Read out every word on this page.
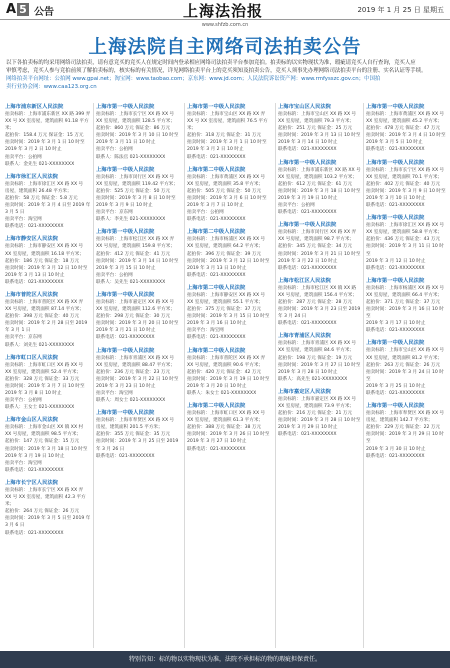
A 5 公告	上海法治报	2019 年 1 月 25 日 星期五
www.shfzb.com.cn
上海法院自主网络司法拍卖公告
以下各拍卖标的均采用网络司法拍卖，请有意竞买的竞买人在规定时间内登录相应网络司法拍卖平台参加竞拍。拍卖标的以实物现状为准，瑕疵请竞买人自行查询，竞买人应
审慎考虑，竞买人参与竞拍前须了解拍卖标的，核实标的有关情况，详见网络拍卖平台上的竞买须知及拍卖公告，竞买人须事先办理网络司法拍卖平台的注册、实名认证等手续。
网络拍卖平台网址：公拍网 www.gpai.net；淘宝网：www.taobao.com；京东网：www.jd.com；人民法院诉讼资产网：www.rmfysszc.gov.cn；中国拍
卖行业协会网：www.caa123.org.cn
上海市浦东新区人民法院
拍卖标的：上海市浦东新区 XX 路 399 弄
XX 号 XX 室房屋，建筑面积 91.18 平方米；
起拍价：158.4 万元 保证金：15 万元
拍卖时间：2019 年 3 月 1 日 10 时至
2019 年 3 月 2 日 10 时止
拍卖平台：公拍网
联系人：金先生 021-XXXXXXXX
上海市徐汇区人民法院
拍卖标的：上海市徐汇区 XX 路 XX 号
房屋，建筑面积 26.48 平方米；
起拍价：58 万元 保证金：5.8 万元
拍卖时间：2019 年 3 月 4 日至 2019 年
3 月 5 日
拍卖平台：淘宝网
联系电话：021-XXXXXXXX
上海市静安区人民法院
拍卖标的：上海市静安区 XX 路 XX 号
XX 室房屋，建筑面积 16.18 平方米；
起拍价：186 万元 保证金：18 万元
拍卖时间：2019 年 3 月 12 日 10 时至
2019 年 3 月 13 日 10 时止
联系电话：021-XXXXXXXX
上海市普陀区人民法院
拍卖标的：上海市普陀区 XX 路 XX 弄
XX 号房屋，建筑面积 87.14 平方米；
起拍价：398 万元 保证金：40 万元
拍卖时间：2019 年 2 月 28 日至 2019
年 3 月 1 日
拍卖平台：京东网
联系人：刘先生 021-XXXXXXXX
上海市虹口区人民法院
拍卖标的：上海市虹口区 XX 路 XX 号
XX 室房屋，建筑面积 52.4 平方米；
起拍价：328 万元 保证金：33 万元
拍卖时间：2019 年 3 月 7 日 10 时至
2019 年 3 月 8 日 10 时止
拍卖平台：公拍网
联系人：王女士 021-XXXXXXXX
上海市金山区人民法院
拍卖标的：上海市金山区 XX 镇 XX 村
XX 号房屋，建筑面积 98.5 平方米；
起拍价：147 万元 保证金：15 万元
拍卖时间：2019 年 3 月 18 日 10 时至
2019 年 3 月 19 日 10 时止
拍卖平台：淘宝网
联系电话：021-XXXXXXXX
上海市长宁区人民法院
拍卖标的：上海市长宁区 XX 路 XX 弄
XX 号 XX 室房屋，建筑面积 42.3 平方米；
起拍价：264 万元 保证金：26 万元
拍卖时间：2019 年 3 月 5 日至 2019 年
3 月 6 日
联系电话：021-XXXXXXXX
上海市第一中级人民法院
拍卖标的：上海市长宁区 XX 路 XX 号
XX 室房屋，建筑面积 128.5 平方米；
起拍价：860 万元 保证金：86 万元
拍卖时间：2019 年 3 月 10 日 10 时至
2019 年 3 月 11 日 10 时止
拍卖平台：公拍网
联系人：陈法官 021-XXXXXXXX
上海市第一中级人民法院
拍卖标的：上海市闵行区 XX 路 XX 号
XX 室房屋，建筑面积 119.42 平方米；
起拍价：525 万元 保证金：50 万元
拍卖时间：2019 年 3 月 8 日 10 时至
2019 年 3 月 9 日 10 时止
拍卖平台：京东网
联系人：李先生 021-XXXXXXXX
上海市第一中级人民法院
拍卖标的：上海市松江区 XX 路 XX 弄
XX 号房屋，建筑面积 159.8 平方米；
起拍价：412 万元 保证金：41 万元
拍卖时间：2019 年 3 月 14 日 10 时至
2019 年 3 月 15 日 10 时止
拍卖平台：公拍网
联系人：吴先生 021-XXXXXXXX
上海市第一中级人民法院
拍卖标的：上海市嘉定区 XX 路 XX 号
XX 室房屋，建筑面积 112.6 平方米；
起拍价：298 万元 保证金：30 万元
拍卖时间：2019 年 3 月 20 日 10 时至
2019 年 3 月 21 日 10 时止
联系电话：021-XXXXXXXX
上海市第一中级人民法院
拍卖标的：上海市青浦区 XX 路 XX 号
XX 室房屋，建筑面积 88.47 平方米；
起拍价：236 万元 保证金：23 万元
拍卖时间：2019 年 3 月 22 日 10 时至
2019 年 3 月 23 日 10 时止
拍卖平台：淘宝网
联系人：周女士 021-XXXXXXXX
上海市第一中级人民法院
拍卖标的：上海市奉贤区 XX 路 XX 号
房屋，建筑面积 201.5 平方米；
起拍价：355 万元 保证金：35 万元
拍卖时间：2019 年 3 月 25 日至 2019
年 3 月 26 日
联系电话：021-XXXXXXXX
上海市第一中级人民法院
拍卖标的：上海市宝山区 XX 路 XX 弄
XX 号 XX 室房屋，建筑面积 76.5 平方米；
起拍价：318 万元 保证金：31 万元
拍卖时间：2019 年 3 月 1 日 10 时至
2019 年 3 月 2 日 10 时止
联系电话：021-XXXXXXXX
上海市第二中级人民法院
拍卖标的：上海市黄浦区 XX 路 XX 号
XX 室房屋，建筑面积 35.8 平方米；
起拍价：505 万元 保证金：50 万元
拍卖时间：2019 年 3 月 6 日 10 时至
2019 年 3 月 7 日 10 时止
拍卖平台：公拍网
联系电话：021-XXXXXXXX
上海市第二中级人民法院
拍卖标的：上海市杨浦区 XX 路 XX 号
XX 室房屋，建筑面积 64.2 平方米；
起拍价：396 万元 保证金：39 万元
拍卖时间：2019 年 3 月 12 日 10 时至
2019 年 3 月 13 日 10 时止
联系电话：021-XXXXXXXX
上海市第二中级人民法院
拍卖标的：上海市静安区 XX 路 XX 号
XX 室房屋，建筑面积 55.1 平方米；
起拍价：375 万元 保证金：37 万元
拍卖时间：2019 年 3 月 15 日 10 时至
2019 年 3 月 16 日 10 时止
拍卖平台：淘宝网
联系电话：021-XXXXXXXX
上海市第二中级人民法院
拍卖标的：上海市普陀区 XX 路 XX 弄
XX 号房屋，建筑面积 90.6 平方米；
起拍价：420 万元 保证金：42 万元
拍卖时间：2019 年 3 月 19 日 10 时至
2019 年 3 月 20 日 10 时止
联系人：朱女士 021-XXXXXXXX
上海市第二中级人民法院
拍卖标的：上海市虹口区 XX 路 XX 号
XX 室房屋，建筑面积 61.3 平方米；
起拍价：388 万元 保证金：38 万元
拍卖时间：2019 年 3 月 26 日 10 时至
2019 年 3 月 27 日 10 时止
联系电话：021-XXXXXXXX
上海市宝山区人民法院
拍卖标的：上海市宝山区 XX 路 XX 号
XX 室房屋，建筑面积 79.3 平方米；
起拍价：251 万元 保证金：25 万元
拍卖时间：2019 年 3 月 13 日 10 时至
2019 年 3 月 14 日 10 时止
联系电话：021-XXXXXXXX
上海市第一中级人民法院
拍卖标的：上海市浦东新区 XX 路 XX 号
XX 室房屋，建筑面积 103.2 平方米；
起拍价：612 万元 保证金：61 万元
拍卖时间：2019 年 3 月 18 日 10 时至
2019 年 3 月 19 日 10 时止
拍卖平台：公拍网
联系电话：021-XXXXXXXX
上海市第一中级人民法院
拍卖标的：上海市闵行区 XX 路 XX 弄
XX 号房屋，建筑面积 98.7 平方米；
起拍价：345 万元 保证金：34 万元
拍卖时间：2019 年 3 月 21 日 10 时至
2019 年 3 月 22 日 10 时止
联系电话：021-XXXXXXXX
上海市松江区人民法院
拍卖标的：上海市松江区 XX 镇 XX 路
XX 号房屋，建筑面积 156.4 平方米；
起拍价：287 万元 保证金：28 万元
拍卖时间：2019 年 3 月 23 日至 2019
年 3 月 24 日
联系电话：021-XXXXXXXX
上海市青浦区人民法院
拍卖标的：上海市青浦区 XX 路 XX 号
XX 室房屋，建筑面积 84.6 平方米；
起拍价：198 万元 保证金：19 万元
拍卖时间：2019 年 3 月 27 日 10 时至
2019 年 3 月 28 日 10 时止
联系人：高先生 021-XXXXXXXX
上海市嘉定区人民法院
拍卖标的：上海市嘉定区 XX 路 XX 号
XX 室房屋，建筑面积 73.9 平方米；
起拍价：216 万元 保证金：21 万元
拍卖时间：2019 年 3 月 28 日 10 时至
2019 年 3 月 29 日 10 时止
联系电话：021-XXXXXXXX
上海市第一中级人民法院
拍卖标的：上海市黄浦区 XX 路 XX 号
XX 室房屋，建筑面积 45.2 平方米；
起拍价：478 万元 保证金：47 万元
拍卖时间：2019 年 3 月 4 日 10 时至
2019 年 3 月 5 日 10 时止
联系电话：021-XXXXXXXX
上海市第一中级人民法院
拍卖标的：上海市长宁区 XX 路 XX 号
XX 室房屋，建筑面积 70.1 平方米；
起拍价：402 万元 保证金：40 万元
拍卖时间：2019 年 3 月 9 日 10 时至
2019 年 3 月 10 日 10 时止
联系电话：021-XXXXXXXX
上海市第一中级人民法院
拍卖标的：上海市徐汇区 XX 路 XX 号
XX 室房屋，建筑面积 58.8 平方米；
起拍价：436 万元 保证金：43 万元
拍卖时间：2019 年 3 月 11 日 10 时至
2019 年 3 月 12 日 10 时止
联系电话：021-XXXXXXXX
上海市第一中级人民法院
拍卖标的：上海市杨浦区 XX 路 XX 号
XX 室房屋，建筑面积 66.4 平方米；
起拍价：371 万元 保证金：37 万元
拍卖时间：2019 年 3 月 16 日 10 时至
2019 年 3 月 17 日 10 时止
联系电话：021-XXXXXXXX
上海市第一中级人民法院
拍卖标的：上海市宝山区 XX 路 XX 号
XX 室房屋，建筑面积 81.2 平方米；
起拍价：263 万元 保证金：26 万元
拍卖时间：2019 年 3 月 24 日 10 时至
2019 年 3 月 25 日 10 时止
联系电话：021-XXXXXXXX
上海市第一中级人民法院
拍卖标的：上海市奉贤区 XX 路 XX 号
房屋，建筑面积 142.7 平方米；
起拍价：229 万元 保证金：22 万元
拍卖时间：2019 年 3 月 29 日 10 时至
2019 年 3 月 30 日 10 时止
联系电话：021-XXXXXXXX
特别告知：标的物以实物现状为准，法院不承担标的物的瑕疵担保责任。
